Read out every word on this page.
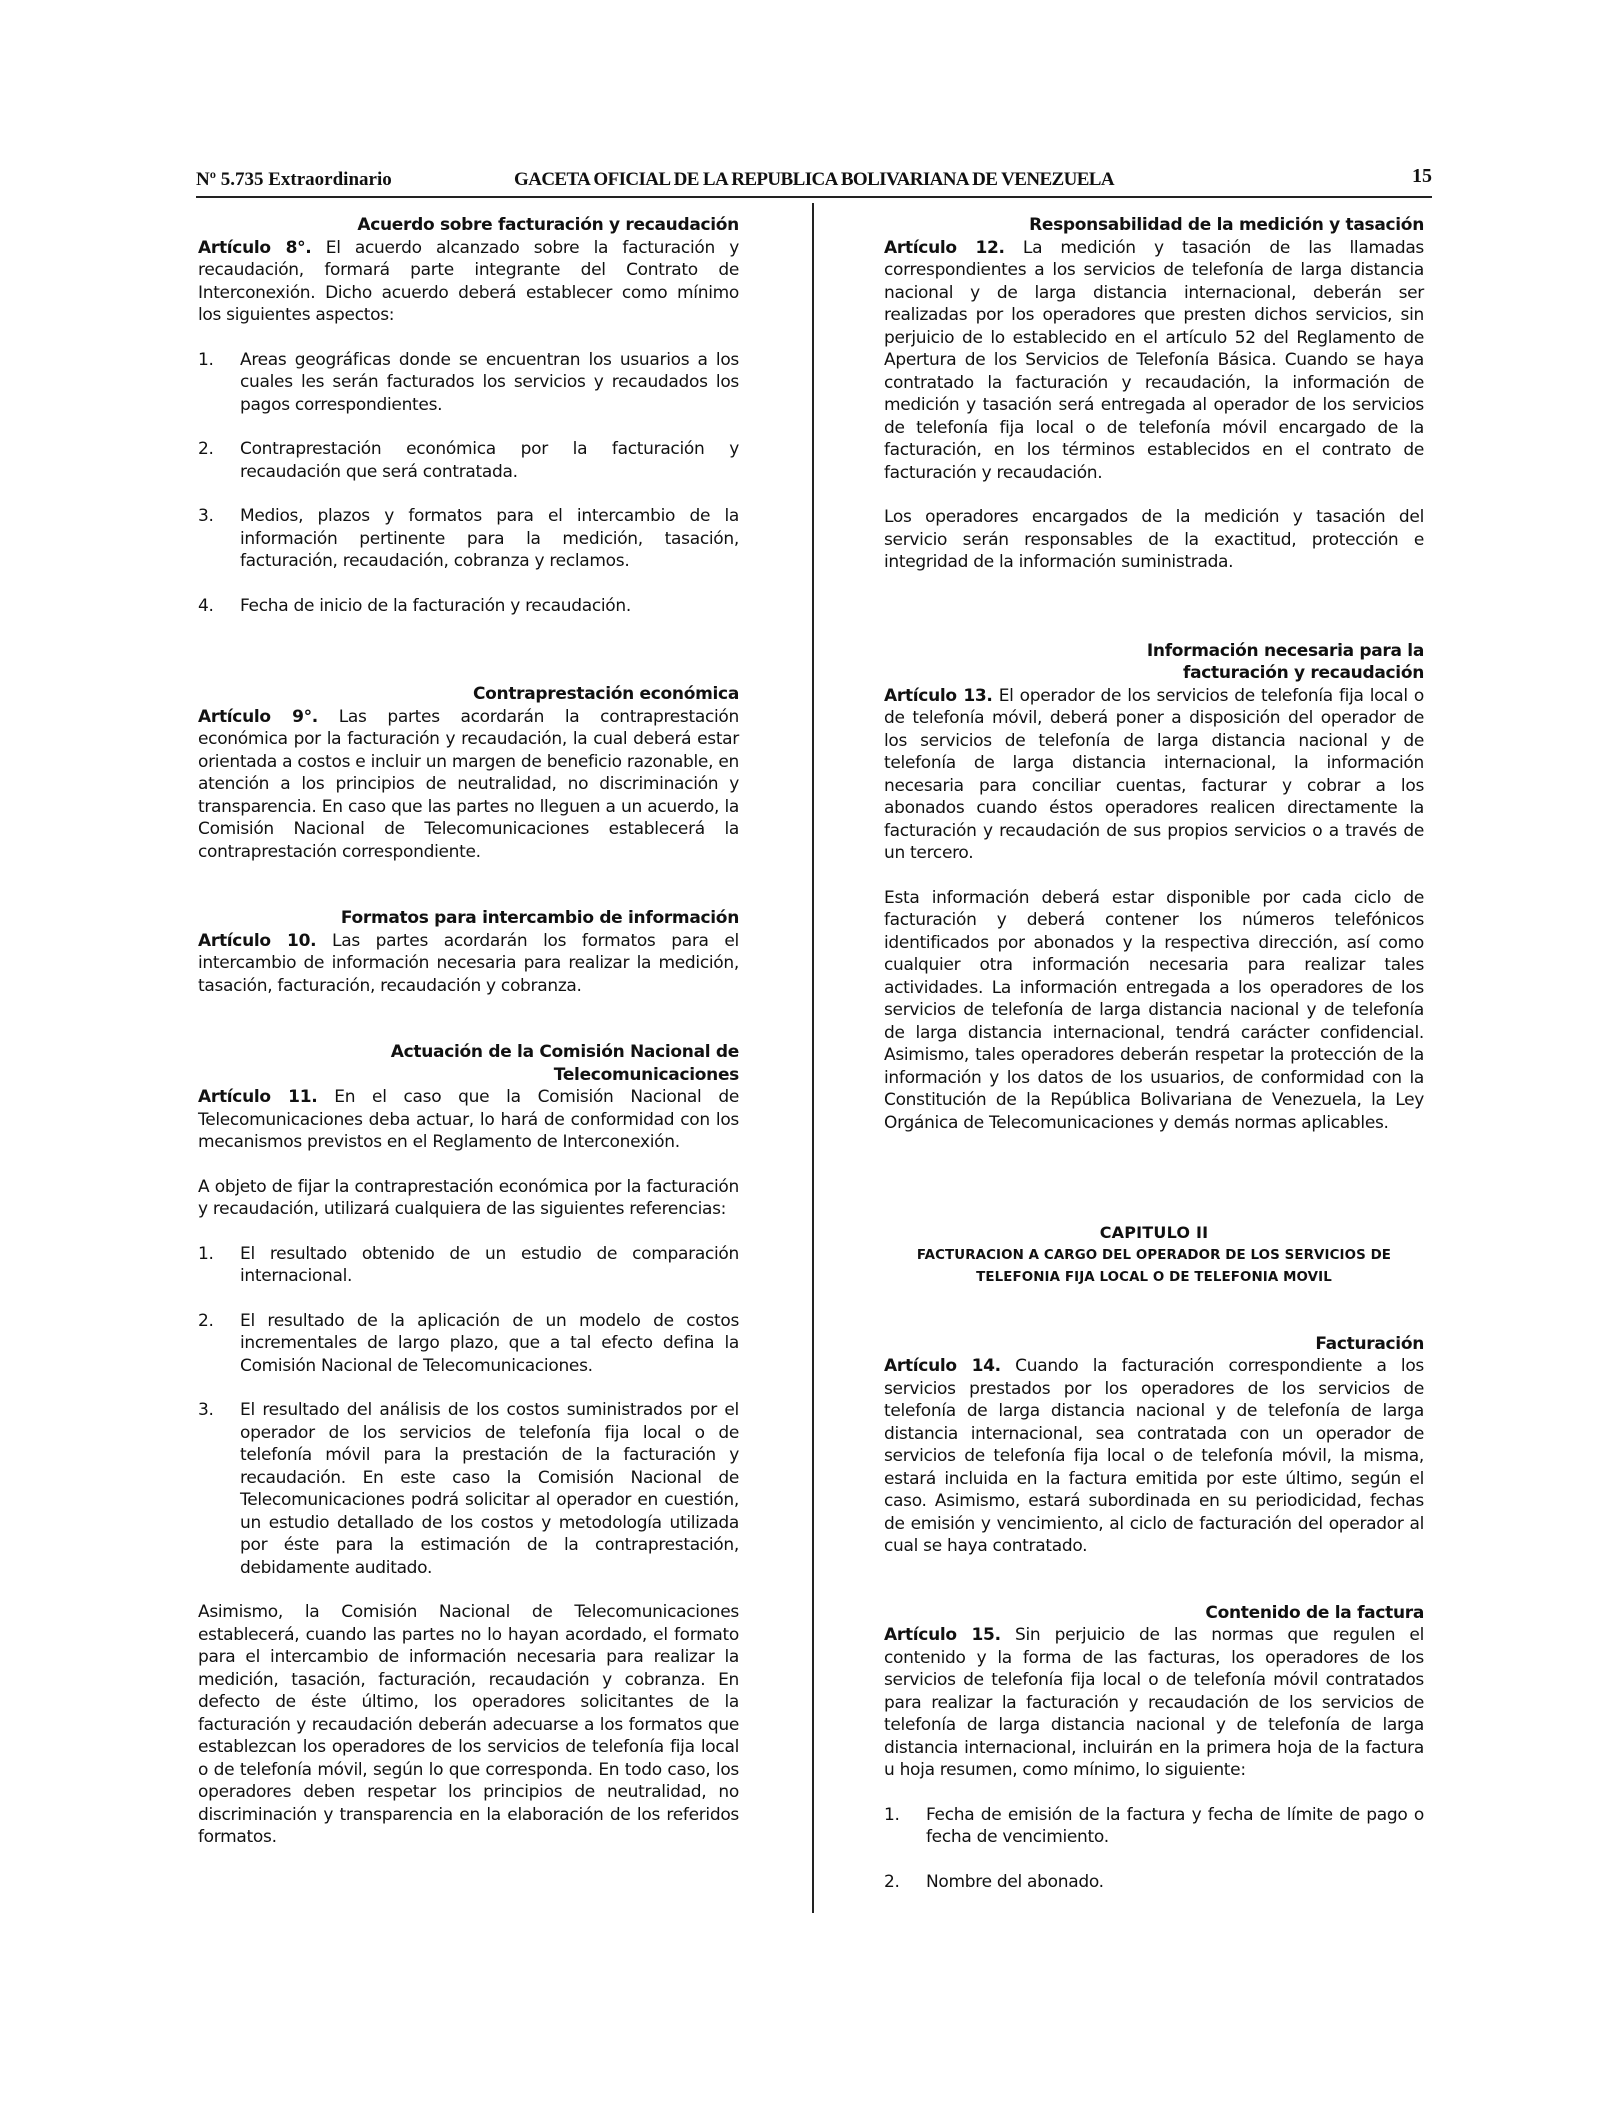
Nº 5.735 Extraordinario	GACETA OFICIAL DE LA REPUBLICA BOLIVARIANA DE VENEZUELA	15

Acuerdo sobre facturación y recaudación

Artículo 8°. El acuerdo alcanzado sobre la facturación y recaudación, formará parte integrante del Contrato de Interconexión. Dicho acuerdo deberá establecer como mínimo los siguientes aspectos:

1. Areas geográficas donde se encuentran los usuarios a los cuales les serán facturados los servicios y recaudados los pagos correspondientes.
2. Contraprestación económica por la facturación y recaudación que será contratada.
3. Medios, plazos y formatos para el intercambio de la información pertinente para la medición, tasación, facturación, recaudación, cobranza y reclamos.
4. Fecha de inicio de la facturación y recaudación.

Contraprestación económica

Artículo 9°. Las partes acordarán la contraprestación económica por la facturación y recaudación, la cual deberá estar orientada a costos e incluir un margen de beneficio razonable, en atención a los principios de neutralidad, no discriminación y transparencia. En caso que las partes no lleguen a un acuerdo, la Comisión Nacional de Telecomunicaciones establecerá la contraprestación correspondiente.

Formatos para intercambio de información

Artículo 10. Las partes acordarán los formatos para el intercambio de información necesaria para realizar la medición, tasación, facturación, recaudación y cobranza.

Actuación de la Comisión Nacional de

Telecomunicaciones

Artículo 11. En el caso que la Comisión Nacional de Telecomunicaciones deba actuar, lo hará de conformidad con los mecanismos previstos en el Reglamento de Interconexión.

A objeto de fijar la contraprestación económica por la facturación y recaudación, utilizará cualquiera de las siguientes referencias:

1. El resultado obtenido de un estudio de comparación internacional.
2. El resultado de la aplicación de un modelo de costos incrementales de largo plazo, que a tal efecto defina la Comisión Nacional de Telecomunicaciones.
3. El resultado del análisis de los costos suministrados por el operador de los servicios de telefonía fija local o de telefonía móvil para la prestación de la facturación y recaudación. En este caso la Comisión Nacional de Telecomunicaciones podrá solicitar al operador en cuestión, un estudio detallado de los costos y metodología utilizada por éste para la estimación de la contraprestación, debidamente auditado.

Asimismo, la Comisión Nacional de Telecomunicaciones establecerá, cuando las partes no lo hayan acordado, el formato para el intercambio de información necesaria para realizar la medición, tasación, facturación, recaudación y cobranza. En defecto de éste último, los operadores solicitantes de la facturación y recaudación deberán adecuarse a los formatos que establezcan los operadores de los servicios de telefonía fija local o de telefonía móvil, según lo que corresponda. En todo caso, los operadores deben respetar los principios de neutralidad, no discriminación y transparencia en la elaboración de los referidos formatos.

Responsabilidad de la medición y tasación

Artículo 12. La medición y tasación de las llamadas correspondientes a los servicios de telefonía de larga distancia nacional y de larga distancia internacional, deberán ser realizadas por los operadores que presten dichos servicios, sin perjuicio de lo establecido en el artículo 52 del Reglamento de Apertura de los Servicios de Telefonía Básica. Cuando se haya contratado la facturación y recaudación, la información de medición y tasación será entregada al operador de los servicios de telefonía fija local o de telefonía móvil encargado de la facturación, en los términos establecidos en el contrato de facturación y recaudación.

Los operadores encargados de la medición y tasación del servicio serán responsables de la exactitud, protección e integridad de la información suministrada.

Información necesaria para la

facturación y recaudación

Artículo 13. El operador de los servicios de telefonía fija local o de telefonía móvil, deberá poner a disposición del operador de los servicios de telefonía de larga distancia nacional y de telefonía de larga distancia internacional, la información necesaria para conciliar cuentas, facturar y cobrar a los abonados cuando éstos operadores realicen directamente la facturación y recaudación de sus propios servicios o a través de un tercero.

Esta información deberá estar disponible por cada ciclo de facturación y deberá contener los números telefónicos identificados por abonados y la respectiva dirección, así como cualquier otra información necesaria para realizar tales actividades. La información entregada a los operadores de los servicios de telefonía de larga distancia nacional y de telefonía de larga distancia internacional, tendrá carácter confidencial. Asimismo, tales operadores deberán respetar la protección de la información y los datos de los usuarios, de conformidad con la Constitución de la República Bolivariana de Venezuela, la Ley Orgánica de Telecomunicaciones y demás normas aplicables.

CAPITULO II

FACTURACION A CARGO DEL OPERADOR DE LOS SERVICIOS DE

TELEFONIA FIJA LOCAL O DE TELEFONIA MOVIL

Facturación

Artículo 14. Cuando la facturación correspondiente a los servicios prestados por los operadores de los servicios de telefonía de larga distancia nacional y de telefonía de larga distancia internacional, sea contratada con un operador de servicios de telefonía fija local o de telefonía móvil, la misma, estará incluida en la factura emitida por este último, según el caso. Asimismo, estará subordinada en su periodicidad, fechas de emisión y vencimiento, al ciclo de facturación del operador al cual se haya contratado.

Contenido de la factura

Artículo 15. Sin perjuicio de las normas que regulen el contenido y la forma de las facturas, los operadores de los servicios de telefonía fija local o de telefonía móvil contratados para realizar la facturación y recaudación de los servicios de telefonía de larga distancia nacional y de telefonía de larga distancia internacional, incluirán en la primera hoja de la factura u hoja resumen, como mínimo, lo siguiente:

1. Fecha de emisión de la factura y fecha de límite de pago o fecha de vencimiento.
2. Nombre del abonado.
